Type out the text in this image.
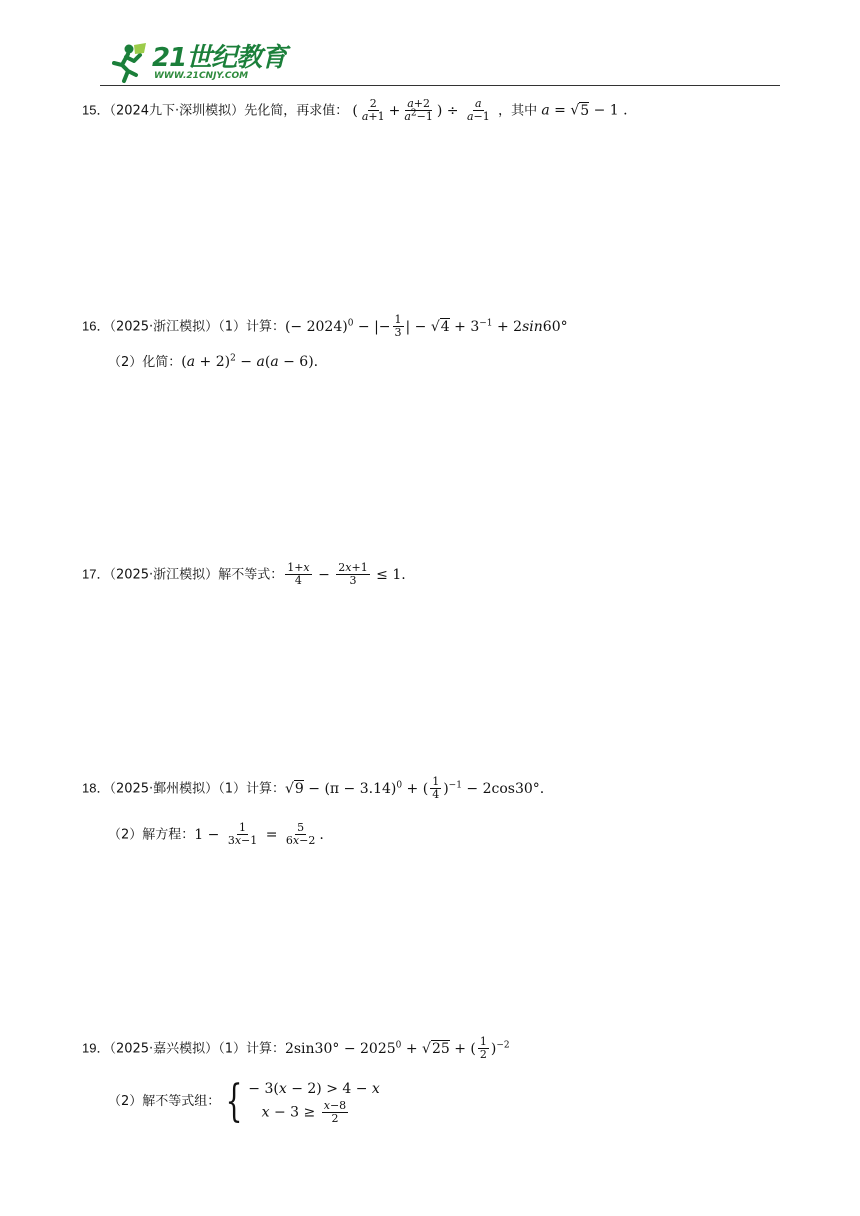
21世纪教育
WWW.21CNJY.COM
15．（2024九下·深圳模拟）先化简，再求值： ( $\frac{2}{a+1} + \frac{a+2}{a^2-1}$ ) ÷ $\frac{a}{a-1}$ ，其中 a = √5 − 1 .
16．（2025·浙江模拟）（1）计算：(− 2024)$^0$ − |− $\frac{1}{3}$ | − $√4 + 3^{-1} + 2\sin 60^\circ$
（2）化简：$(a + 2)^2 - a(a - 6)$.
17．（2025·浙江模拟）解不等式： $\frac{1+x}{4} - \frac{2x+1}{3} \le 1$.
18．（2025·鄞州模拟）（1）计算：$√9 - (\pi - 3.14)^0$ + ( $\frac{1}{4} )^{-1} - 2\cos 30^\circ$.
（2）解方程：$1 - \frac{1}{3x-1} = \frac{5}{6x-2}$ .
19．（2025·嘉兴模拟）（1）计算：$2\sin 30^\circ - 2025^0 + √25$ + ( $\frac{1}{2} )^{-2}$
（2）解不等式组： { − 3(x − 2) > 4 − x
$x - 3 \ge \frac{x-8}{2}$
